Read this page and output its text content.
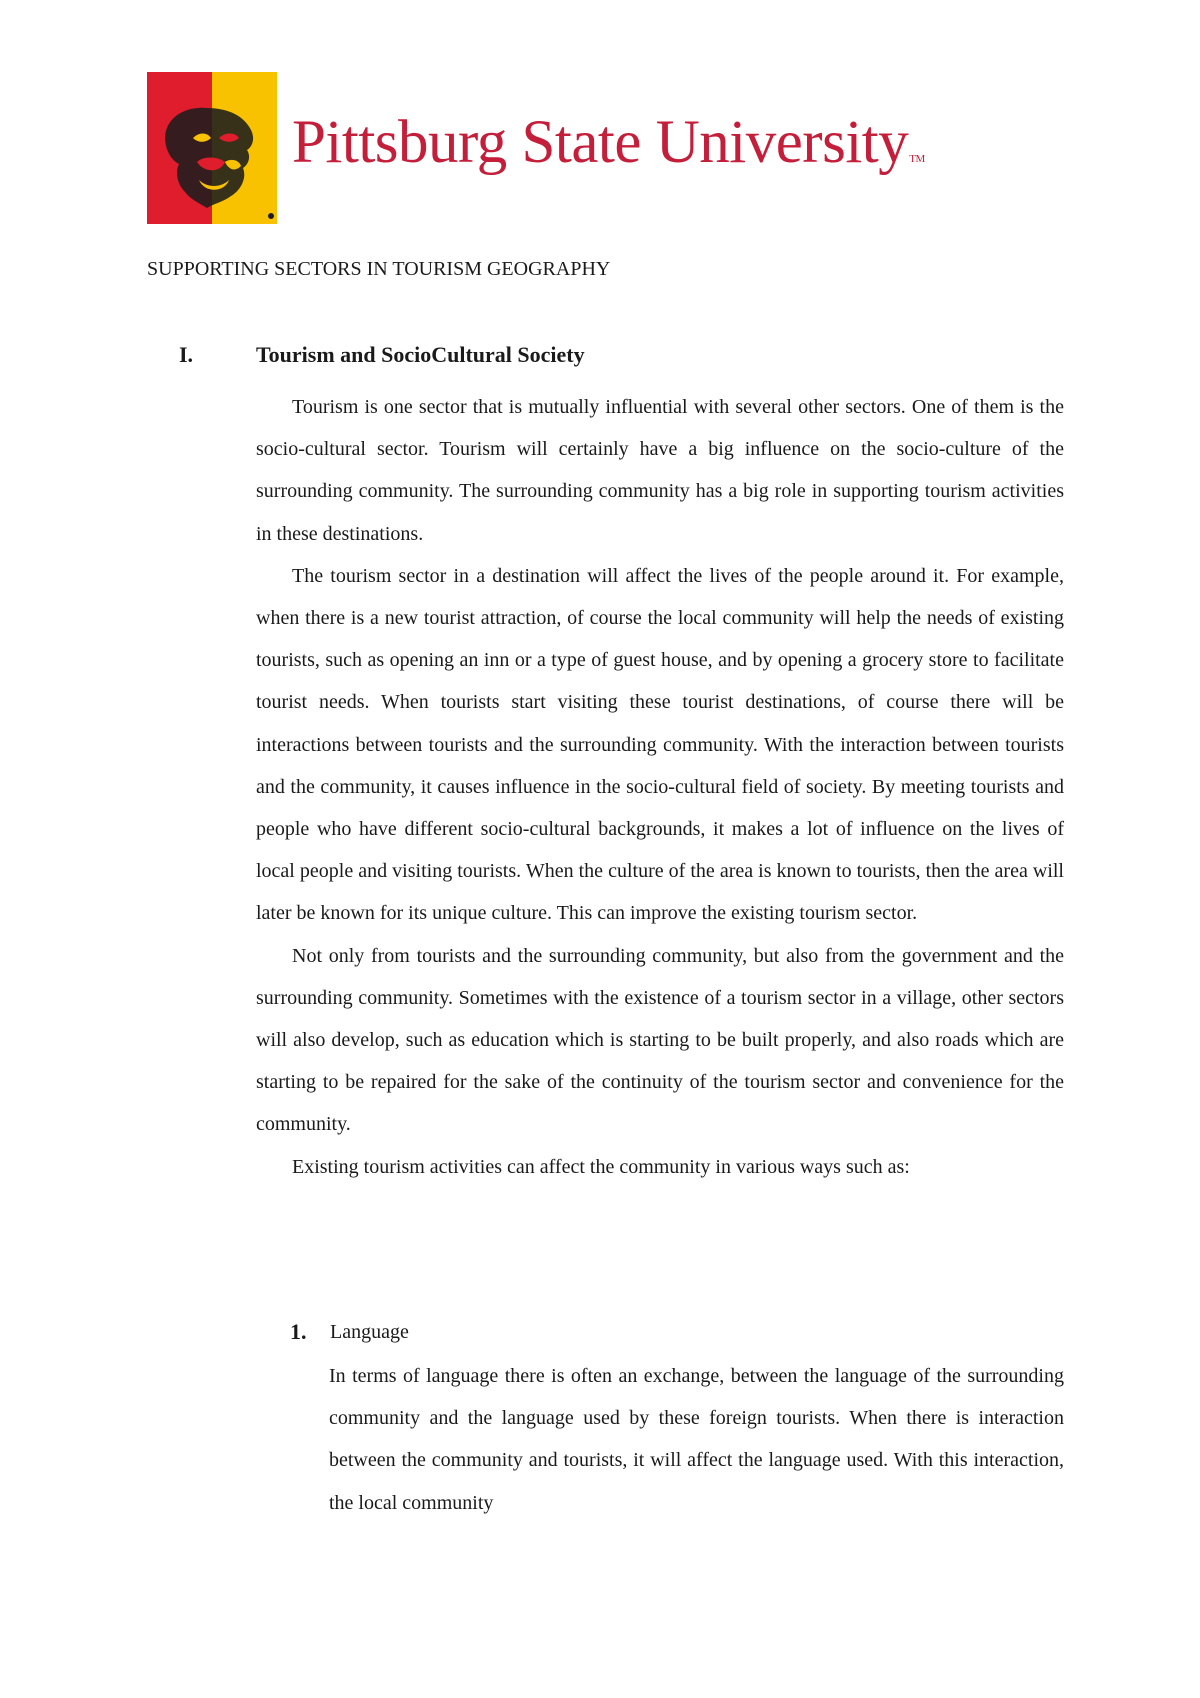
Pittsburg State UniversityTM
SUPPORTING SECTORS IN TOURISM GEOGRAPHY
I.	Tourism and SocioCultural Society

Tourism is one sector that is mutually influential with several other sectors. One of them is the socio-cultural sector. Tourism will certainly have a big influence on the socio-culture of the surrounding community. The surrounding community has a big role in supporting tourism activities in these destinations.

The tourism sector in a destination will affect the lives of the people around it. For example, when there is a new tourist attraction, of course the local community will help the needs of existing tourists, such as opening an inn or a type of guest house, and by opening a grocery store to facilitate tourist needs. When tourists start visiting these tourist destinations, of course there will be interactions between tourists and the surrounding community. With the interaction between tourists and the community, it causes influence in the socio-cultural field of society. By meeting tourists and people who have different socio-cultural backgrounds, it makes a lot of influence on the lives of local people and visiting tourists. When the culture of the area is known to tourists, then the area will later be known for its unique culture. This can improve the existing tourism sector.

Not only from tourists and the surrounding community, but also from the government and the surrounding community. Sometimes with the existence of a tourism sector in a village, other sectors will also develop, such as education which is starting to be built properly, and also roads which are starting to be repaired for the sake of the continuity of the tourism sector and convenience for the community.

Existing tourism activities can affect the community in various ways such as:

1. Language

In terms of language there is often an exchange, between the language of the surrounding community and the language used by these foreign tourists. When there is interaction between the community and tourists, it will affect the language used. With this interaction, the local community
